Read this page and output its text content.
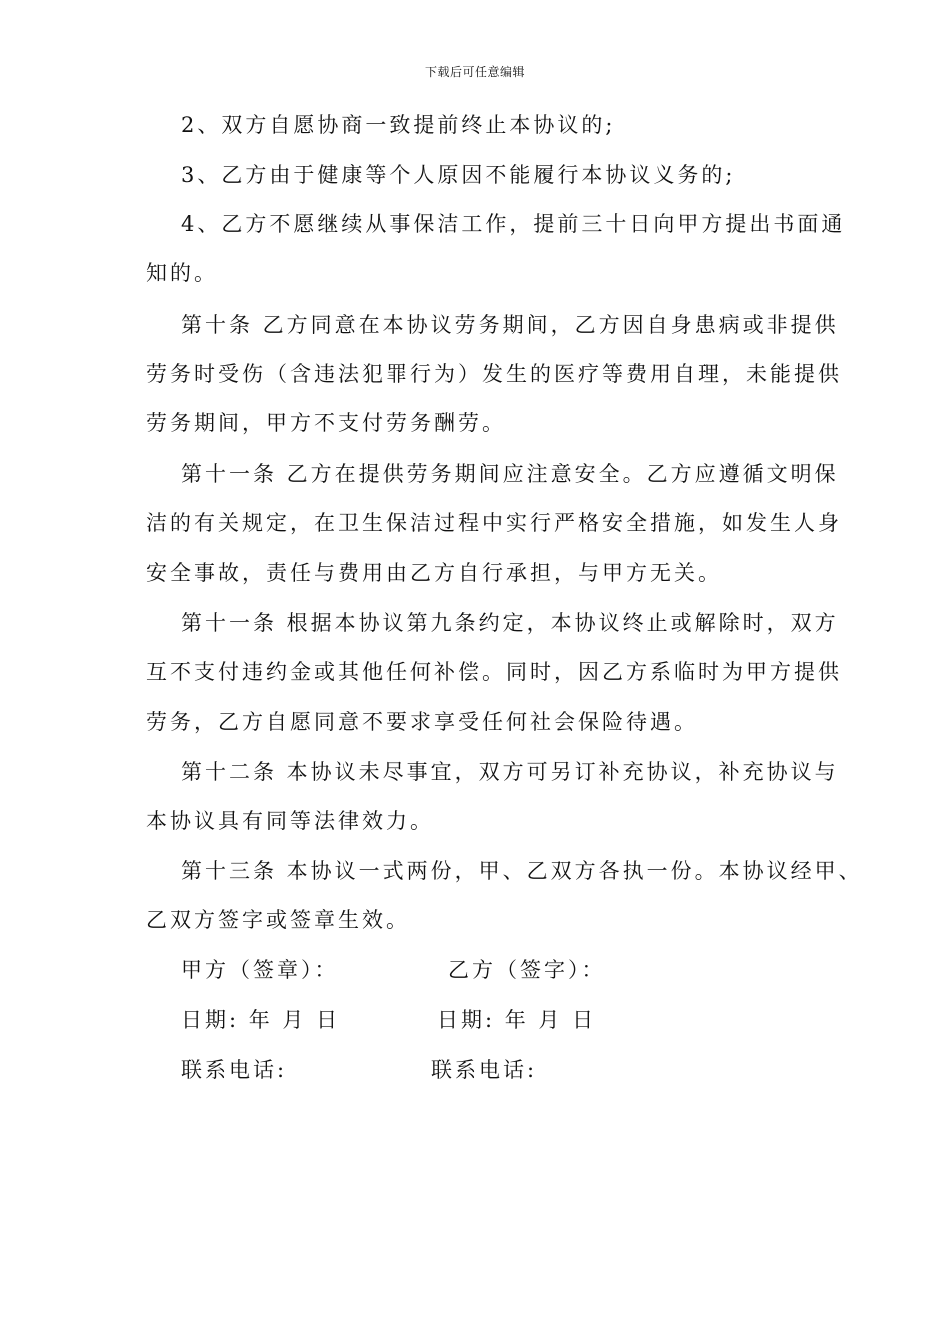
下载后可任意编辑
2、双方自愿协商一致提前终止本协议的;
3、乙方由于健康等个人原因不能履行本协议义务的;
4、乙方不愿继续从事保洁工作，提前三十日向甲方提出书面通
知的。
第十条 乙方同意在本协议劳务期间，乙方因自身患病或非提供
劳务时受伤（含违法犯罪行为）发生的医疗等费用自理，未能提供
劳务期间，甲方不支付劳务酬劳。
第十一条 乙方在提供劳务期间应注意安全。乙方应遵循文明保
洁的有关规定，在卫生保洁过程中实行严格安全措施，如发生人身
安全事故，责任与费用由乙方自行承担，与甲方无关。
第十一条 根据本协议第九条约定，本协议终止或解除时，双方
互不支付违约金或其他任何补偿。同时，因乙方系临时为甲方提供
劳务，乙方自愿同意不要求享受任何社会保险待遇。
第十二条 本协议未尽事宜，双方可另订补充协议，补充协议与
本协议具有同等法律效力。
第十三条 本协议一式两份，甲、乙双方各执一份。本协议经甲、
乙双方签字或签章生效。
甲方（签章）：	乙方（签字）：
日期: 年 月 日	日期: 年 月 日
联系电话:	联系电话:
